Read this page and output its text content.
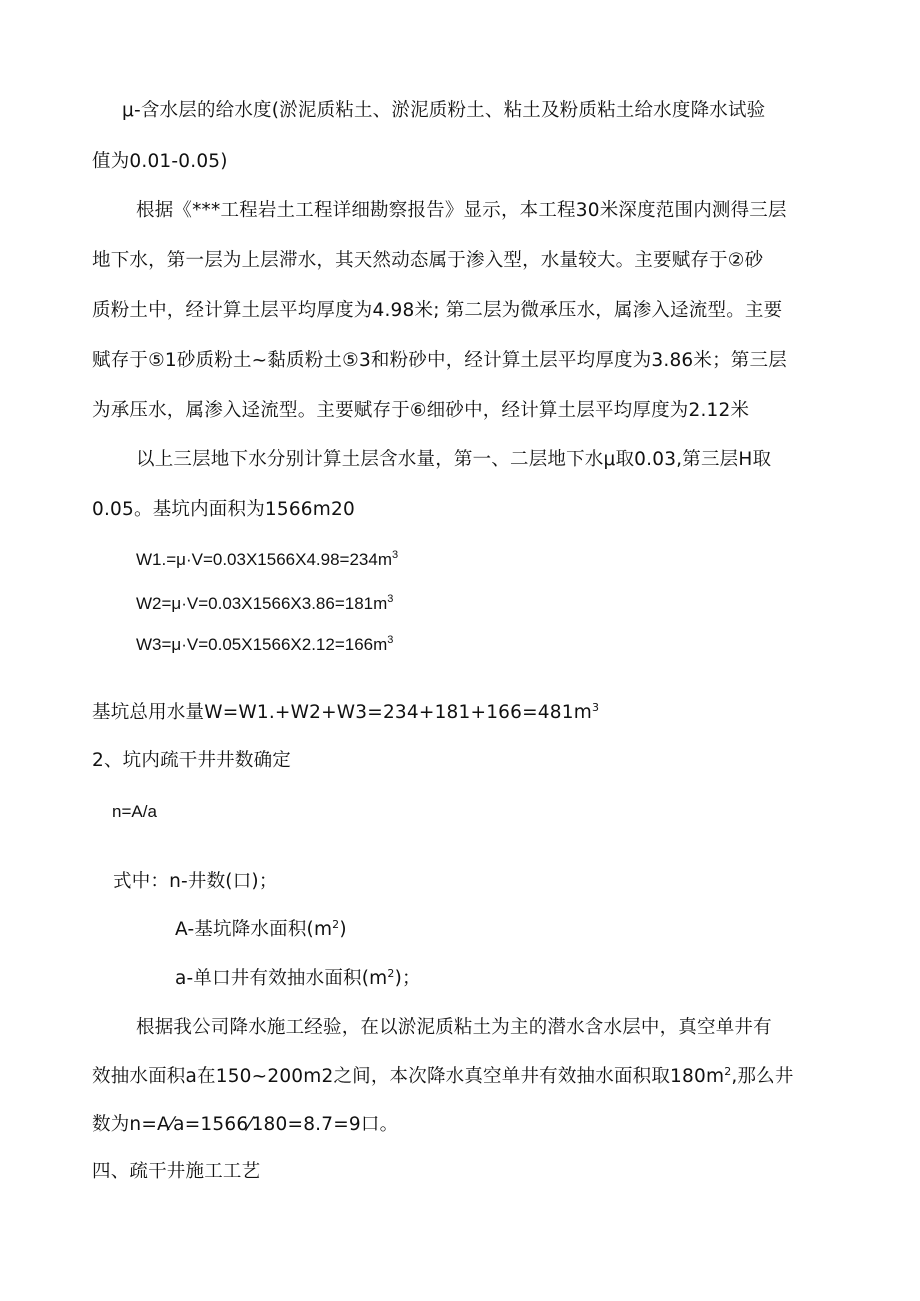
μ-含水层的给水度(淤泥质粘土、淤泥质粉土、粘土及粉质粘土给水度降水试验
值为0.01-0.05)
根据《***工程岩土工程详细勘察报告》显示，本工程30米深度范围内测得三层
地下水，第一层为上层滞水，其天然动态属于渗入型，水量较大。主要赋存于②砂
质粉土中，经计算土层平均厚度为4.98米; 第二层为微承压水，属渗入迳流型。主要
赋存于⑤1砂质粉土~黏质粉土⑤3和粉砂中，经计算土层平均厚度为3.86米；第三层
为承压水，属渗入迳流型。主要赋存于⑥细砂中，经计算土层平均厚度为2.12米
以上三层地下水分别计算土层含水量，第一、二层地下水μ取0.03,第三层H取
0.05。基坑内面积为1566m20
$W1.=\mu\cdot V=0.03X1566X4.98=234m^3$
$W2=\mu\cdot V=0.03X1566X3.86=181m^3$
$W3=\mu\cdot V=0.05X1566X2.12=166m^3$
基坑总用水量$W=W1.+W2+W3=234+181+166=481m^3$
2、坑内疏干井井数确定
n=A/a
式中：n-井数(口)；
A-基坑降水面积$(m^2)$
a-单口井有效抽水面积$(m^2)$；
根据我公司降水施工经验，在以淤泥质粘土为主的潜水含水层中，真空单井有
效抽水面积a在150~200m2之间，本次降水真空单井有效抽水面积取$180m^2$,那么井
数为n=A⁄a=1566⁄180=8.7=9口。
四、疏干井施工工艺
